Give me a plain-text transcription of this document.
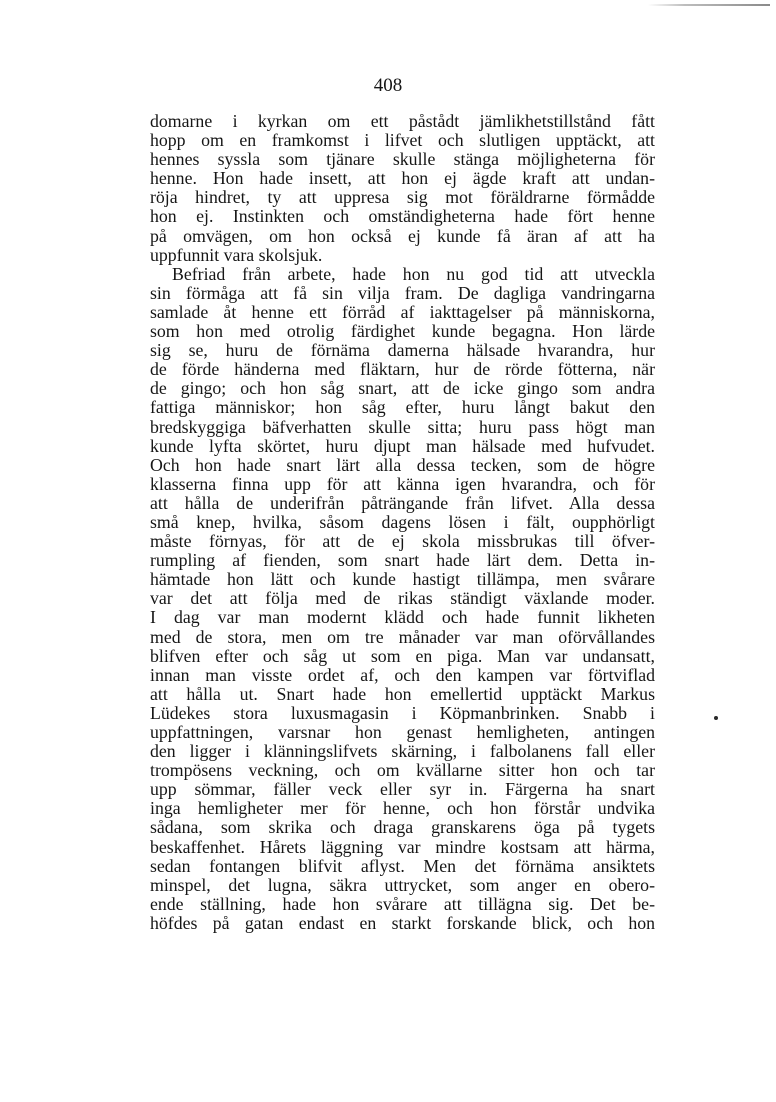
408
domarne i kyrkan om ett påstådt jämlikhetstillstånd fått
hopp om en framkomst i lifvet och slutligen upptäckt, att
hennes syssla som tjänare skulle stänga möjligheterna för
henne. Hon hade insett, att hon ej ägde kraft att undan-
röja hindret, ty att uppresa sig mot föräldrarne förmådde
hon ej. Instinkten och omständigheterna hade fört henne
på omvägen, om hon också ej kunde få äran af att ha
uppfunnit vara skolsjuk.
Befriad från arbete, hade hon nu god tid att utveckla
sin förmåga att få sin vilja fram. De dagliga vandringarna
samlade åt henne ett förråd af iakttagelser på människorna,
som hon med otrolig färdighet kunde begagna. Hon lärde
sig se, huru de förnäma damerna hälsade hvarandra, hur
de förde händerna med fläktarn, hur de rörde fötterna, när
de gingo; och hon såg snart, att de icke gingo som andra
fattiga människor; hon såg efter, huru långt bakut den
bredskyggiga bäfverhatten skulle sitta; huru pass högt man
kunde lyfta skörtet, huru djupt man hälsade med hufvudet.
Och hon hade snart lärt alla dessa tecken, som de högre
klasserna finna upp för att känna igen hvarandra, och för
att hålla de underifrån påträngande från lifvet. Alla dessa
små knep, hvilka, såsom dagens lösen i fält, oupphörligt
måste förnyas, för att de ej skola missbrukas till öfver-
rumpling af fienden, som snart hade lärt dem. Detta in-
hämtade hon lätt och kunde hastigt tillämpa, men svårare
var det att följa med de rikas ständigt växlande moder.
I dag var man modernt klädd och hade funnit likheten
med de stora, men om tre månader var man oförvållandes
blifven efter och såg ut som en piga. Man var undansatt,
innan man visste ordet af, och den kampen var förtviflad
att hålla ut. Snart hade hon emellertid upptäckt Markus
Lüdekes stora luxusmagasin i Köpmanbrinken. Snabb i
uppfattningen, varsnar hon genast hemligheten, antingen
den ligger i klänningslifvets skärning, i falbolanens fall eller
trompösens veckning, och om kvällarne sitter hon och tar
upp sömmar, fäller veck eller syr in. Färgerna ha snart
inga hemligheter mer för henne, och hon förstår undvika
sådana, som skrika och draga granskarens öga på tygets
beskaffenhet. Hårets läggning var mindre kostsam att härma,
sedan fontangen blifvit aflyst. Men det förnäma ansiktets
minspel, det lugna, säkra uttrycket, som anger en obero-
ende ställning, hade hon svårare att tillägna sig. Det be-
höfdes på gatan endast en starkt forskande blick, och hon
